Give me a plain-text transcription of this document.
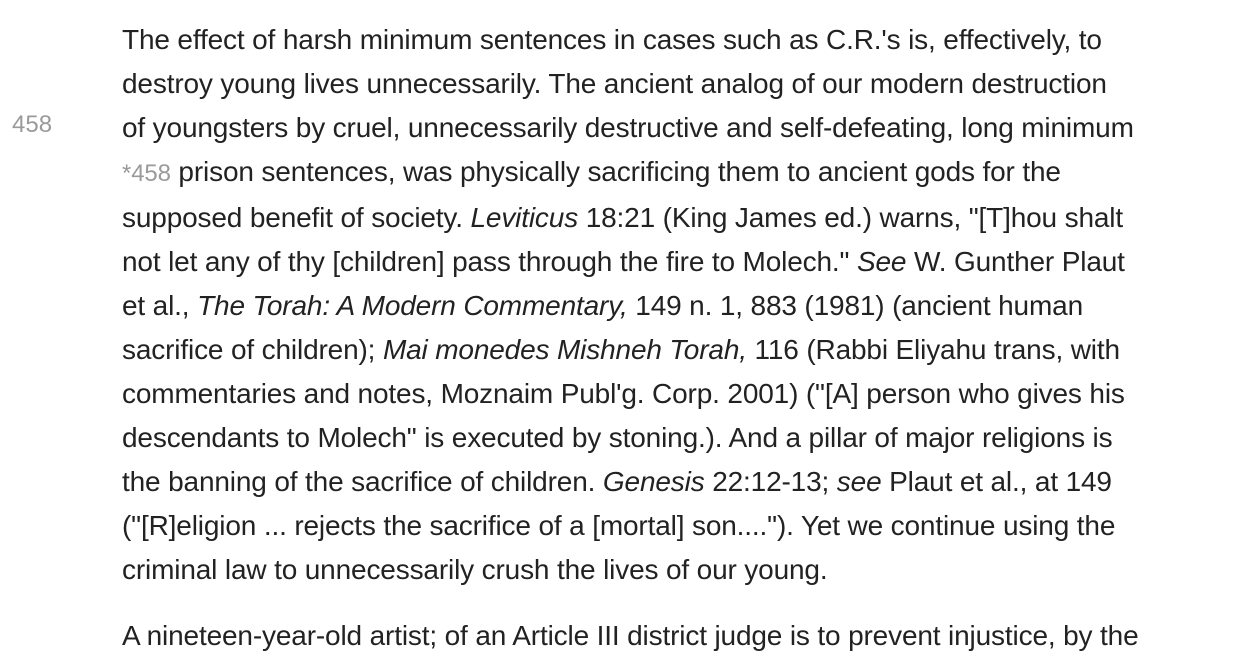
458
The effect of harsh minimum sentences in cases such as C.R.'s is, effectively, to
destroy young lives unnecessarily. The ancient analog of our modern destruction
of youngsters by cruel, unnecessarily destructive and self-defeating, long minimum
*458 prison sentences, was physically sacrificing them to ancient gods for the
supposed benefit of society. Leviticus 18:21 (King James ed.) warns, "[T]hou shalt
not let any of thy [children] pass through the fire to Molech." See W. Gunther Plaut
et al., The Torah: A Modern Commentary, 149 n. 1, 883 (1981) (ancient human
sacrifice of children); Mai monedes Mishneh Torah, 116 (Rabbi Eliyahu trans, with
commentaries and notes, Moznaim Publ'g. Corp. 2001) ("[A] person who gives his
descendants to Molech" is executed by stoning.). And a pillar of major religions is
the banning of the sacrifice of children. Genesis 22:12-13; see Plaut et al., at 149
("[R]eligion ... rejects the sacrifice of a [mortal] son...."). Yet we continue using the
criminal law to unnecessarily crush the lives of our young.
A nineteen-year-old artist; of an Article III district judge is to prevent injustice, by the
